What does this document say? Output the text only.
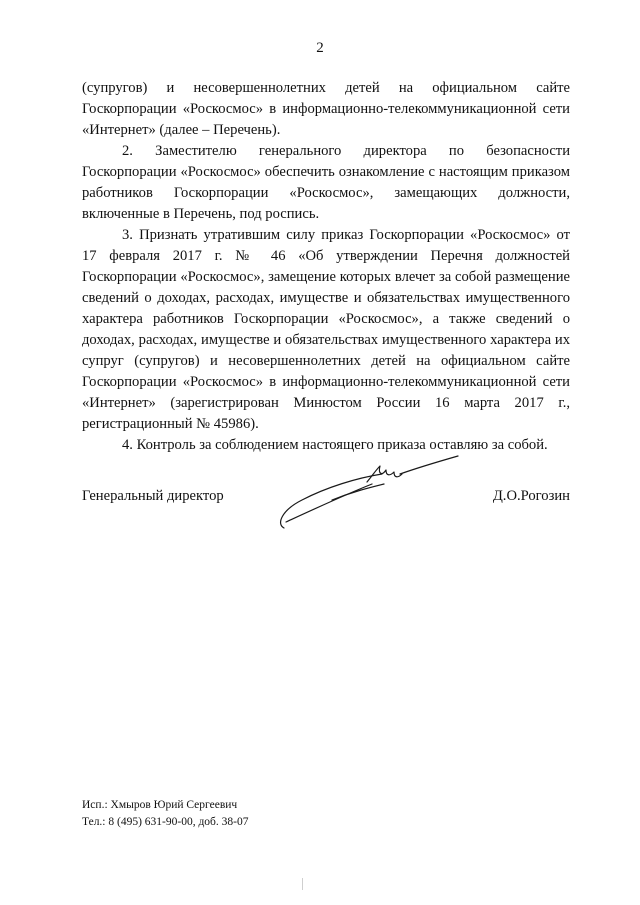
2

(супругов) и несовершеннолетних детей на официальном сайте Госкорпорации «Роскосмос» в информационно-телекоммуникационной сети «Интернет» (далее – Перечень).

2. Заместителю генерального директора по безопасности Госкорпорации «Роскосмос» обеспечить ознакомление с настоящим приказом работников Госкорпорации «Роскосмос», замещающих должности, включенные в Перечень, под роспись.

3. Признать утратившим силу приказ Госкорпорации «Роскосмос» от 17 февраля 2017 г. № 46 «Об утверждении Перечня должностей Госкорпорации «Роскосмос», замещение которых влечет за собой размещение сведений о доходах, расходах, имуществе и обязательствах имущественного характера работников Госкорпорации «Роскосмос», а также сведений о доходах, расходах, имуществе и обязательствах имущественного характера их супруг (супругов) и несовершеннолетних детей на официальном сайте Госкорпорации «Роскосмос» в информационно-телекоммуникационной сети «Интернет» (зарегистрирован Минюстом России 16 марта 2017 г., регистрационный № 45986).

4. Контроль за соблюдением настоящего приказа оставляю за собой.

Генеральный директор	Д.О.Рогозин
Исп.: Хмыров Юрий Сергеевич
Тел.: 8 (495) 631-90-00, доб. 38-07
